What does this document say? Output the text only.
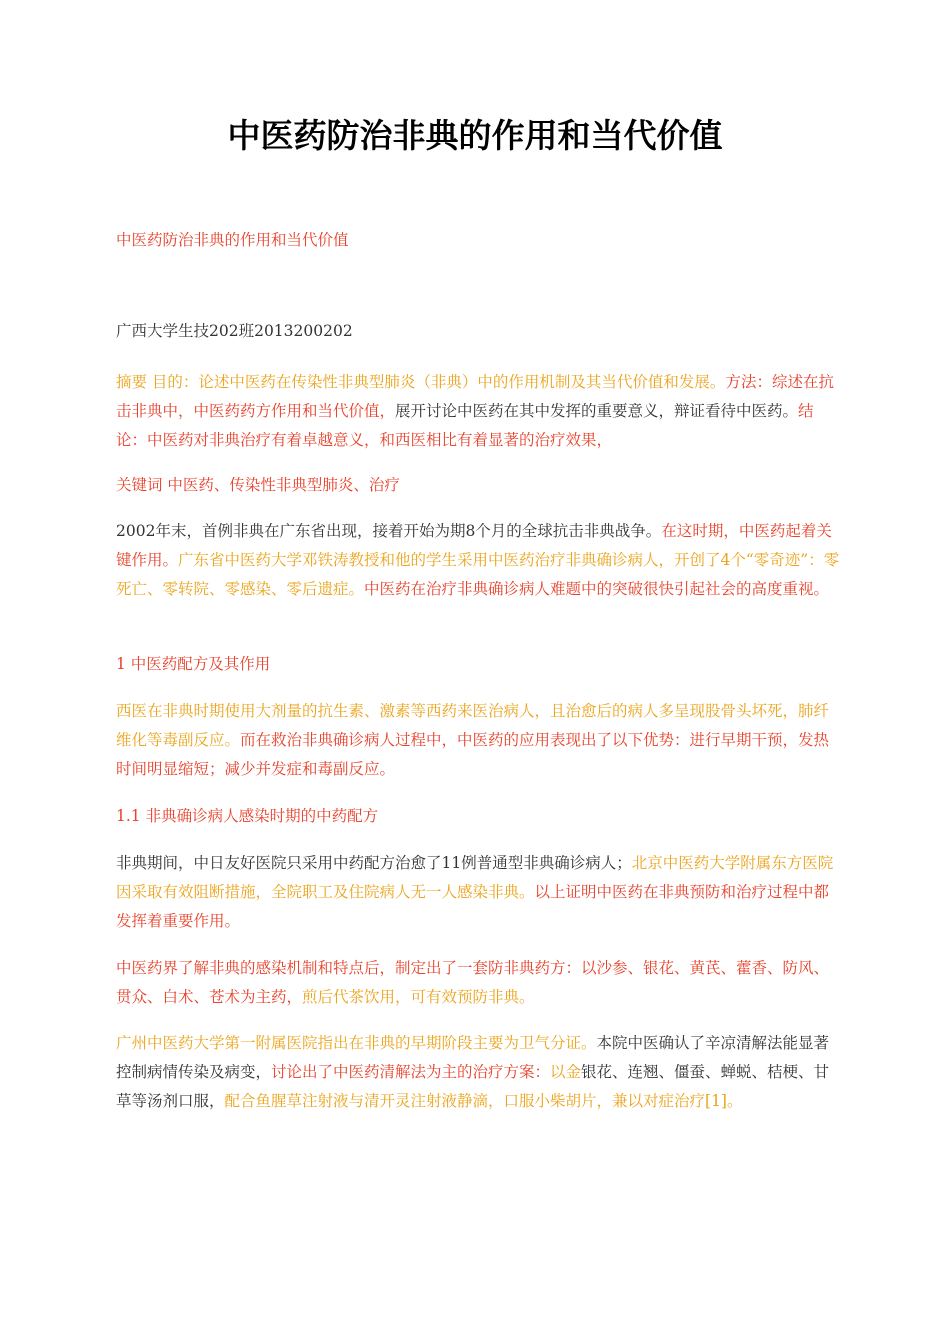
中医药防治非典的作用和当代价值

中医药防治非典的作用和当代价值

广西大学生技202班2013200202

摘要 目的：论述中医药在传染性非典型肺炎（非典）中的作用机制及其当代价值和发展。方法：综述在抗击非典中，中医药药方作用和当代价值，展开讨论中医药在其中发挥的重要意义，辩证看待中医药。结论：中医药对非典治疗有着卓越意义，和西医相比有着显著的治疗效果，

关键词 中医药、传染性非典型肺炎、治疗

2002年末，首例非典在广东省出现，接着开始为期8个月的全球抗击非典战争。在这时期，中医药起着关键作用。广东省中医药大学邓铁涛教授和他的学生采用中医药治疗非典确诊病人，开创了4个“零奇迹”：零死亡、零转院、零感染、零后遗症。中医药在治疗非典确诊病人难题中的突破很快引起社会的高度重视。

1 中医药配方及其作用

西医在非典时期使用大剂量的抗生素、激素等西药来医治病人，且治愈后的病人多呈现股骨头坏死，肺纤维化等毒副反应。而在救治非典确诊病人过程中，中医药的应用表现出了以下优势：进行早期干预，发热时间明显缩短；减少并发症和毒副反应。

1.1 非典确诊病人感染时期的中药配方

非典期间，中日友好医院只采用中药配方治愈了11例普通型非典确诊病人；北京中医药大学附属东方医院因采取有效阻断措施，全院职工及住院病人无一人感染非典。以上证明中医药在非典预防和治疗过程中都发挥着重要作用。

中医药界了解非典的感染机制和特点后，制定出了一套防非典药方：以沙参、银花、黄芪、藿香、防风、贯众、白术、苍术为主药，煎后代茶饮用，可有效预防非典。

广州中医药大学第一附属医院指出在非典的早期阶段主要为卫气分证。本院中医确认了辛凉清解法能显著控制病情传染及病变，讨论出了中医药清解法为主的治疗方案：以金银花、连翘、僵蚕、蝉蜕、桔梗、甘草等汤剂口服，配合鱼腥草注射液与清开灵注射液静滴，口服小柴胡片，兼以对症治疗[1]。
